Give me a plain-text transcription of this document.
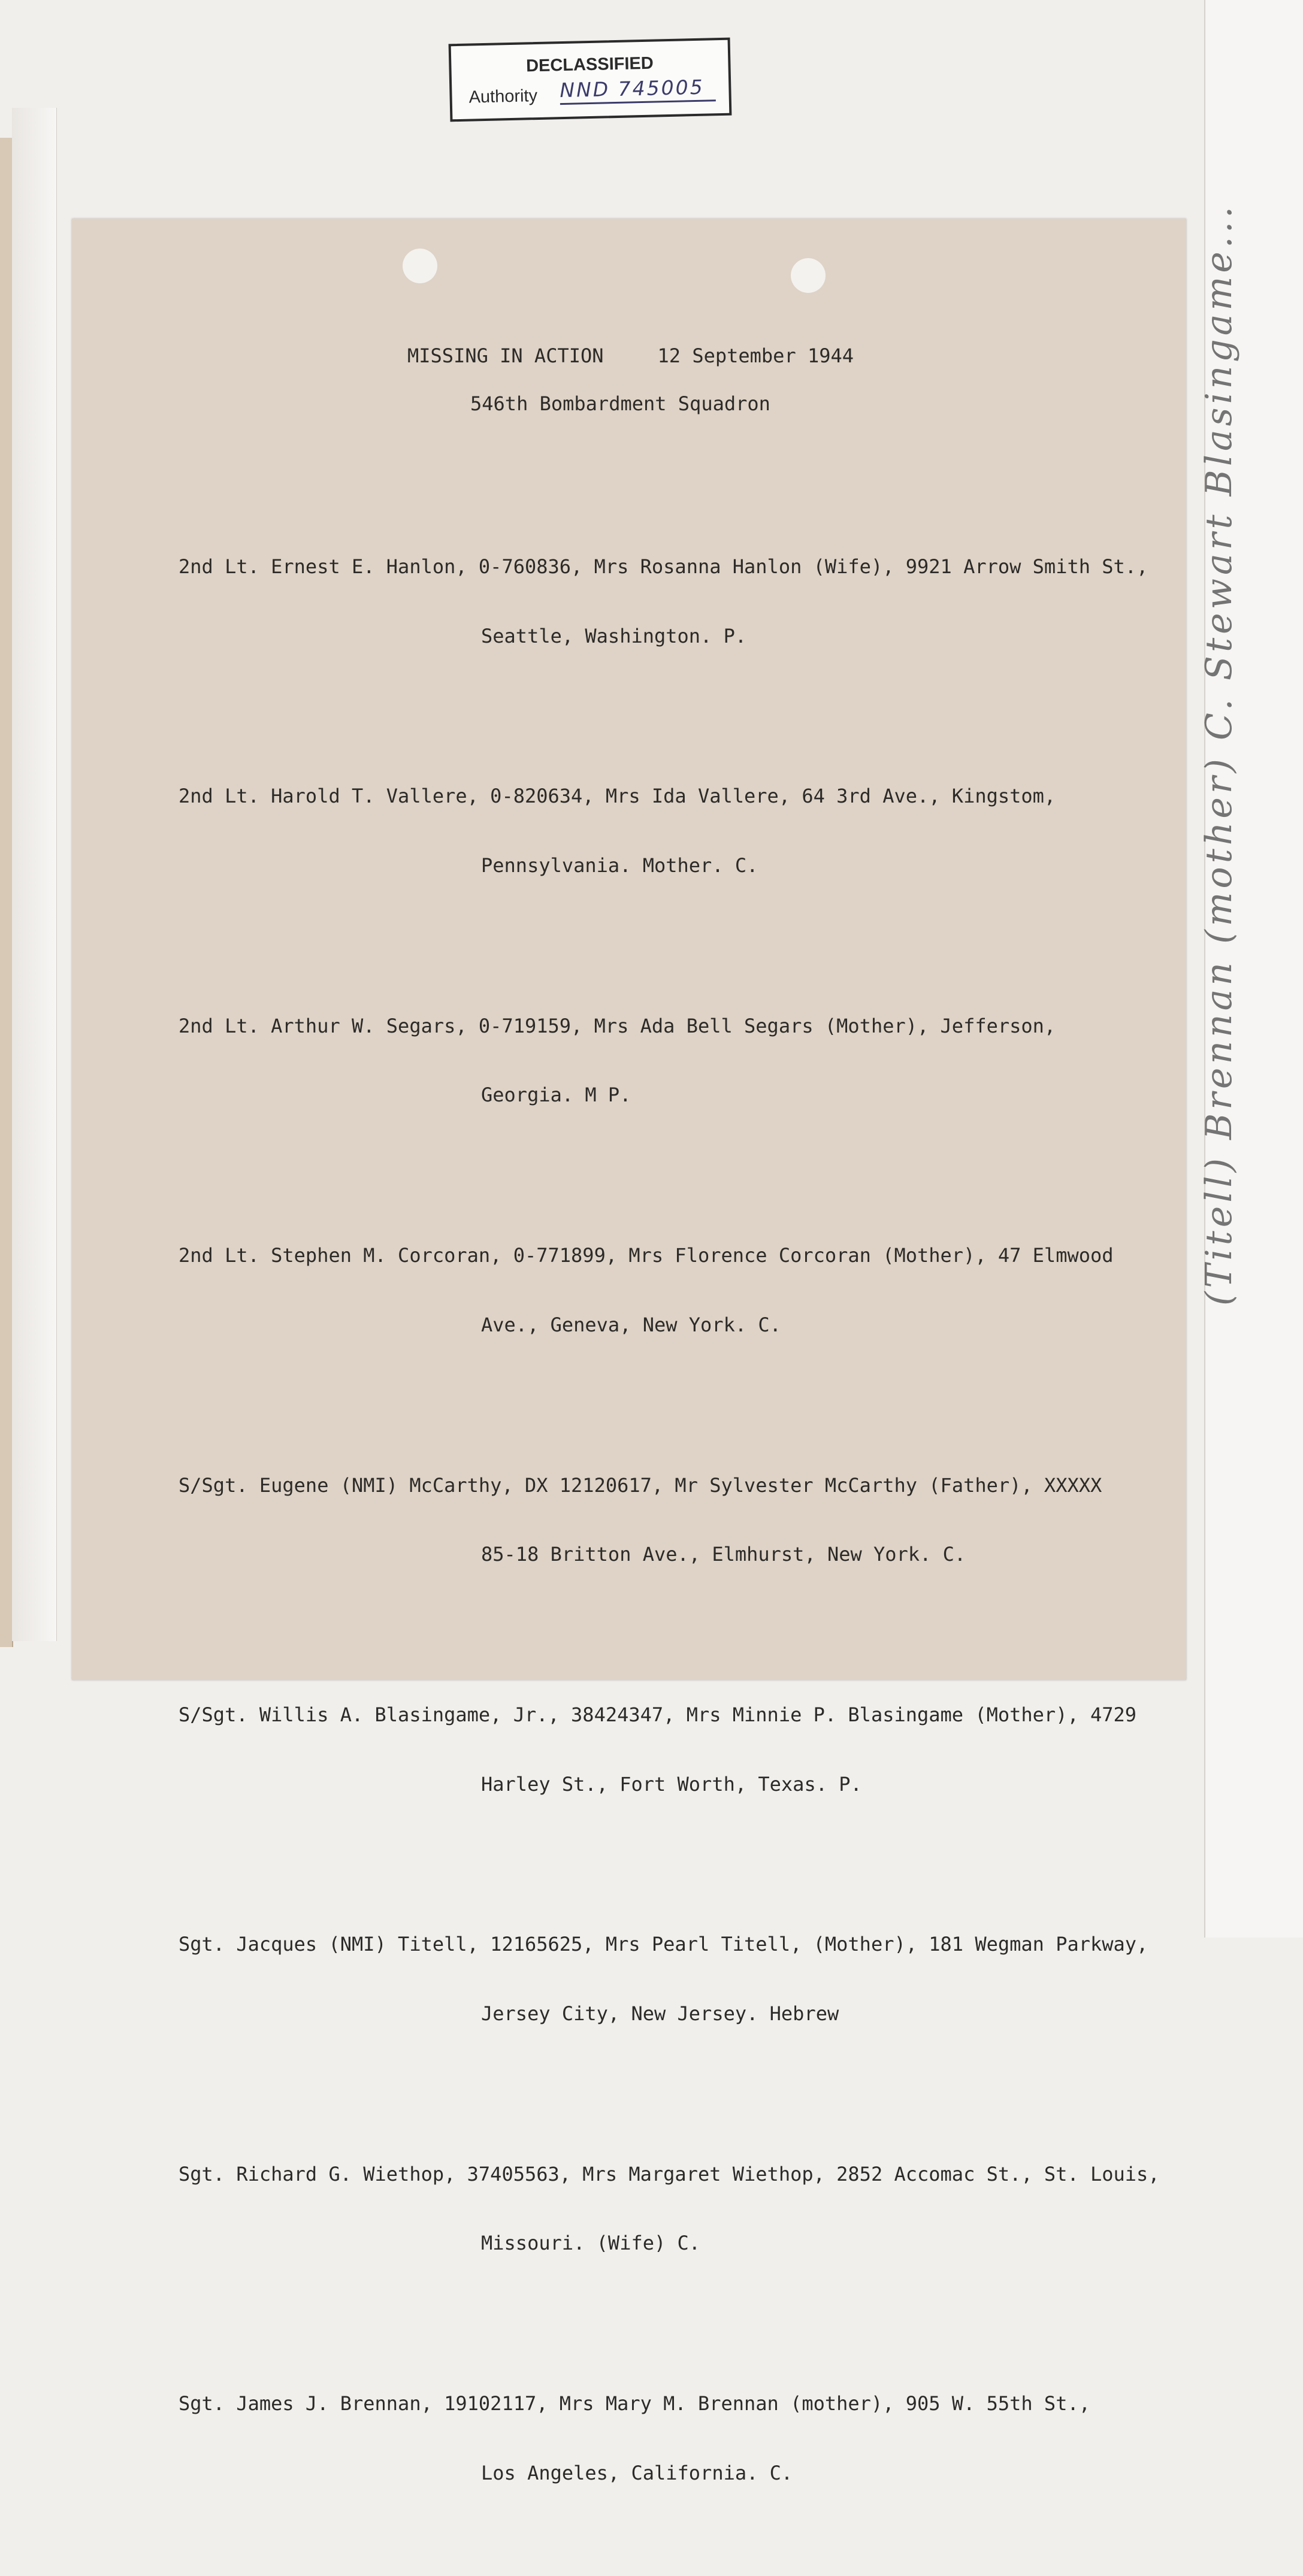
(Titell) Brennan (mother) C. Stewart Blasingame...
DECLASSIFIED
Authority NND 745005
MISSING IN ACTION	12 September 1944
546th Bombardment Squadron

2nd Lt. Ernest E. Hanlon, 0-760836, Mrs Rosanna Hanlon (Wife), 9921 Arrow Smith St.,

Seattle, Washington. P.

2nd Lt. Harold T. Vallere, 0-820634, Mrs Ida Vallere, 64 3rd Ave., Kingstom,

Pennsylvania. Mother. C.

2nd Lt. Arthur W. Segars, 0-719159, Mrs Ada Bell Segars (Mother), Jefferson,

Georgia. M P.

2nd Lt. Stephen M. Corcoran, 0-771899, Mrs Florence Corcoran (Mother), 47 Elmwood

Ave., Geneva, New York. C.

S/Sgt. Eugene (NMI) McCarthy, DX 12120617, Mr Sylvester McCarthy (Father), XXXXX

85-18 Britton Ave., Elmhurst, New York. C.

S/Sgt. Willis A. Blasingame, Jr., 38424347, Mrs Minnie P. Blasingame (Mother), 4729

Harley St., Fort Worth, Texas. P.

Sgt. Jacques (NMI) Titell, 12165625, Mrs Pearl Titell, (Mother), 181 Wegman Parkway,

Jersey City, New Jersey. Hebrew

Sgt. Richard G. Wiethop, 37405563, Mrs Margaret Wiethop, 2852 Accomac St., St. Louis,

Missouri. (Wife) C.

Sgt. James J. Brennan, 19102117, Mrs Mary M. Brennan (mother), 905 W. 55th St.,

Los Angeles, California. C.
